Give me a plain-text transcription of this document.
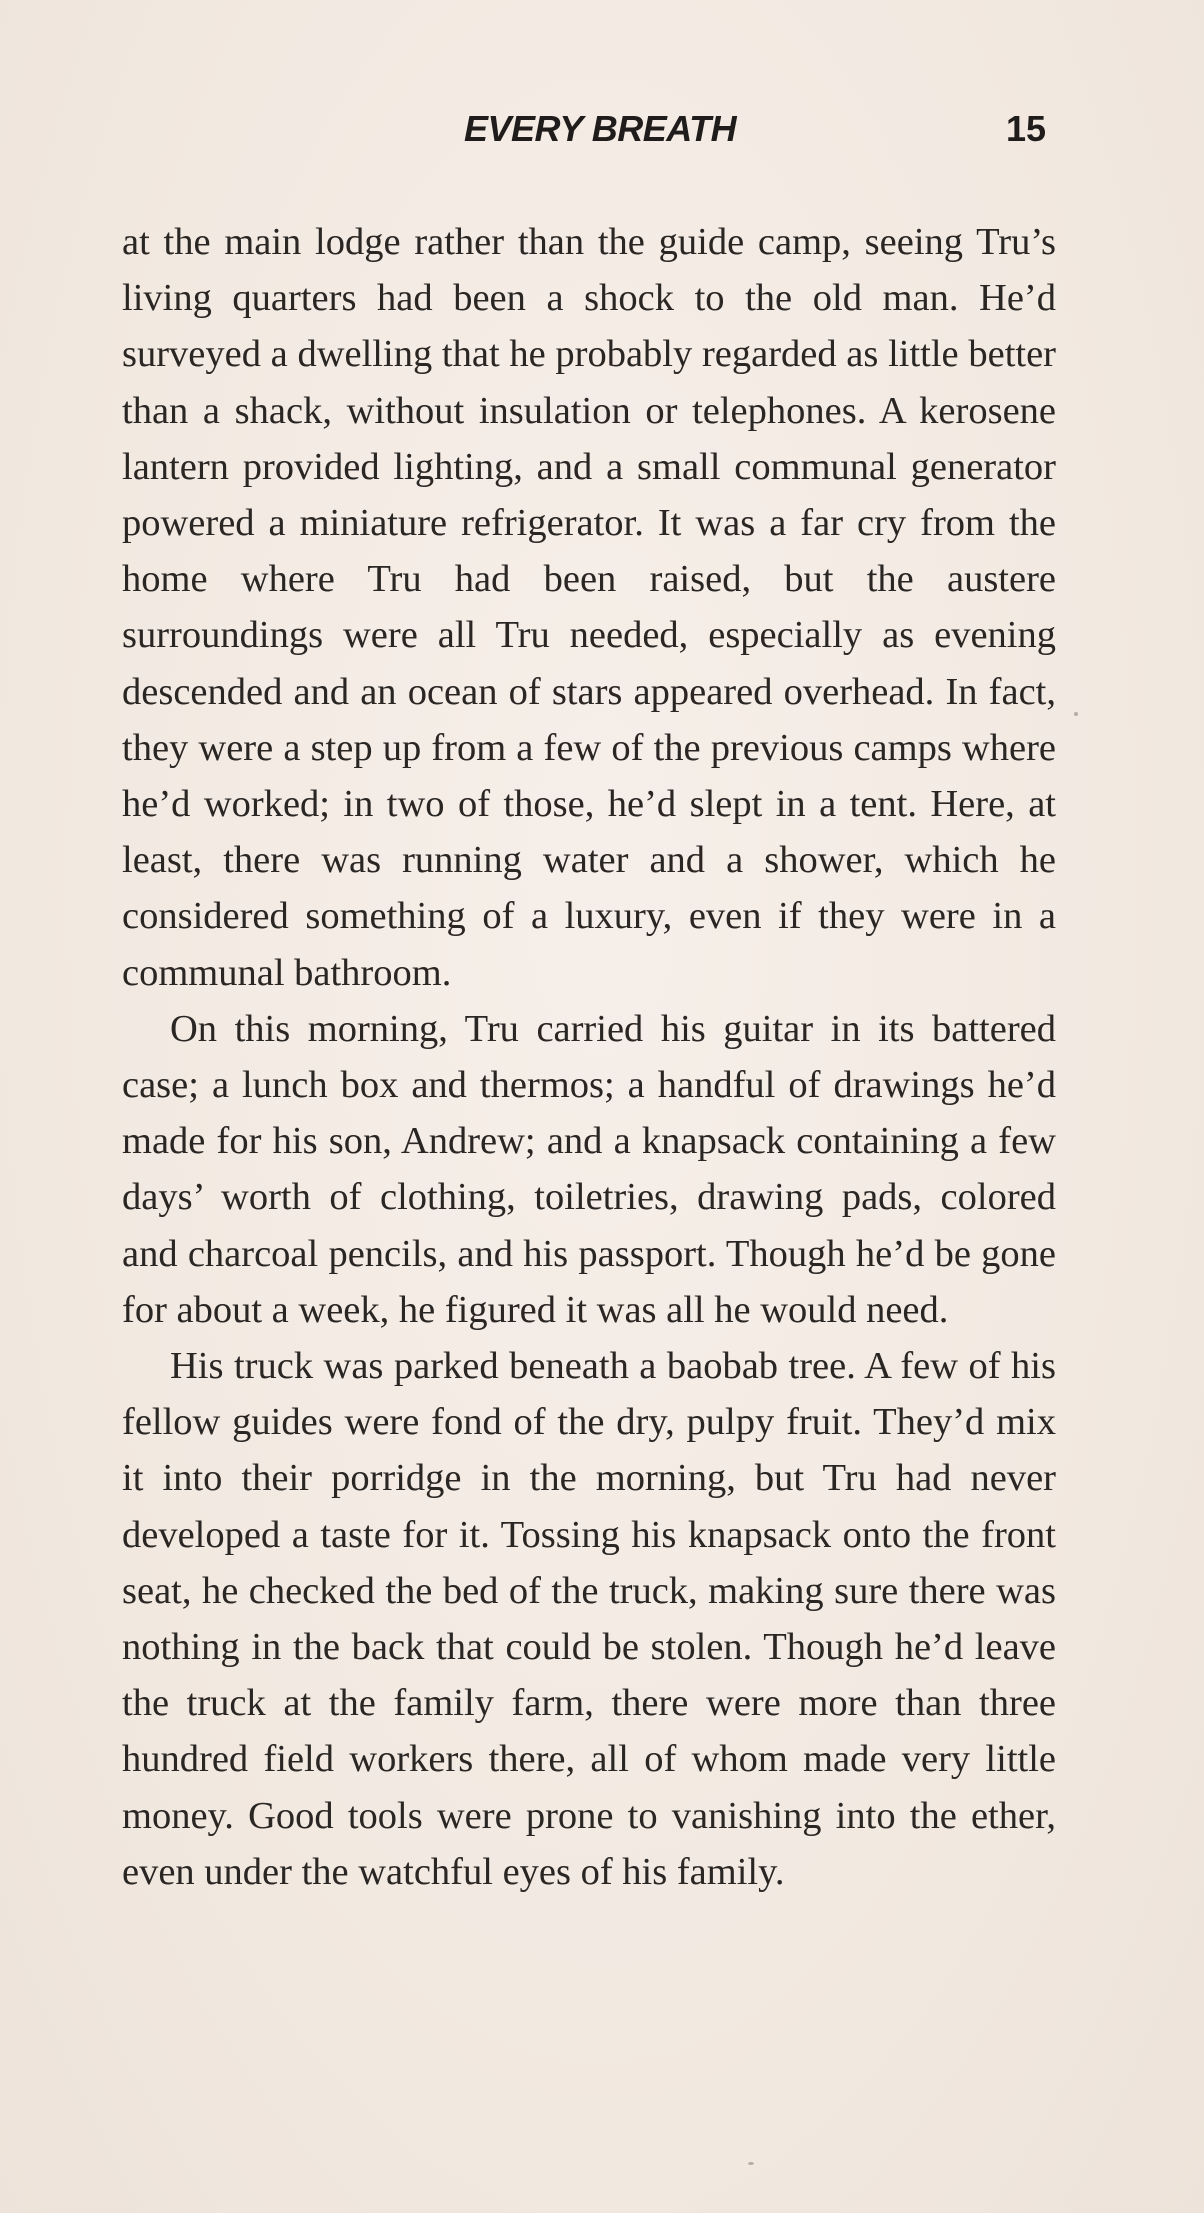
EVERY BREATH	15

at the main lodge rather than the guide camp, seeing Tru’s living quarters had been a shock to the old man. He’d surveyed a dwelling that he probably regarded as little better than a shack, without insulation or telephones. A kerosene lantern provided lighting, and a small communal generator powered a miniature refrigerator. It was a far cry from the home where Tru had been raised, but the austere surroundings were all Tru needed, especially as evening descended and an ocean of stars appeared overhead. In fact, they were a step up from a few of the previous camps where he’d worked; in two of those, he’d slept in a tent. Here, at least, there was running water and a shower, which he considered something of a luxury, even if they were in a communal bathroom.

On this morning, Tru carried his guitar in its battered case; a lunch box and thermos; a handful of drawings he’d made for his son, Andrew; and a knapsack containing a few days’ worth of clothing, toiletries, drawing pads, colored and charcoal pencils, and his passport. Though he’d be gone for about a week, he figured it was all he would need.

His truck was parked beneath a baobab tree. A few of his fellow guides were fond of the dry, pulpy fruit. They’d mix it into their porridge in the morning, but Tru had never developed a taste for it. Tossing his knapsack onto the front seat, he checked the bed of the truck, making sure there was nothing in the back that could be stolen. Though he’d leave the truck at the family farm, there were more than three hundred field workers there, all of whom made very little money. Good tools were prone to vanishing into the ether, even under the watchful eyes of his family.
